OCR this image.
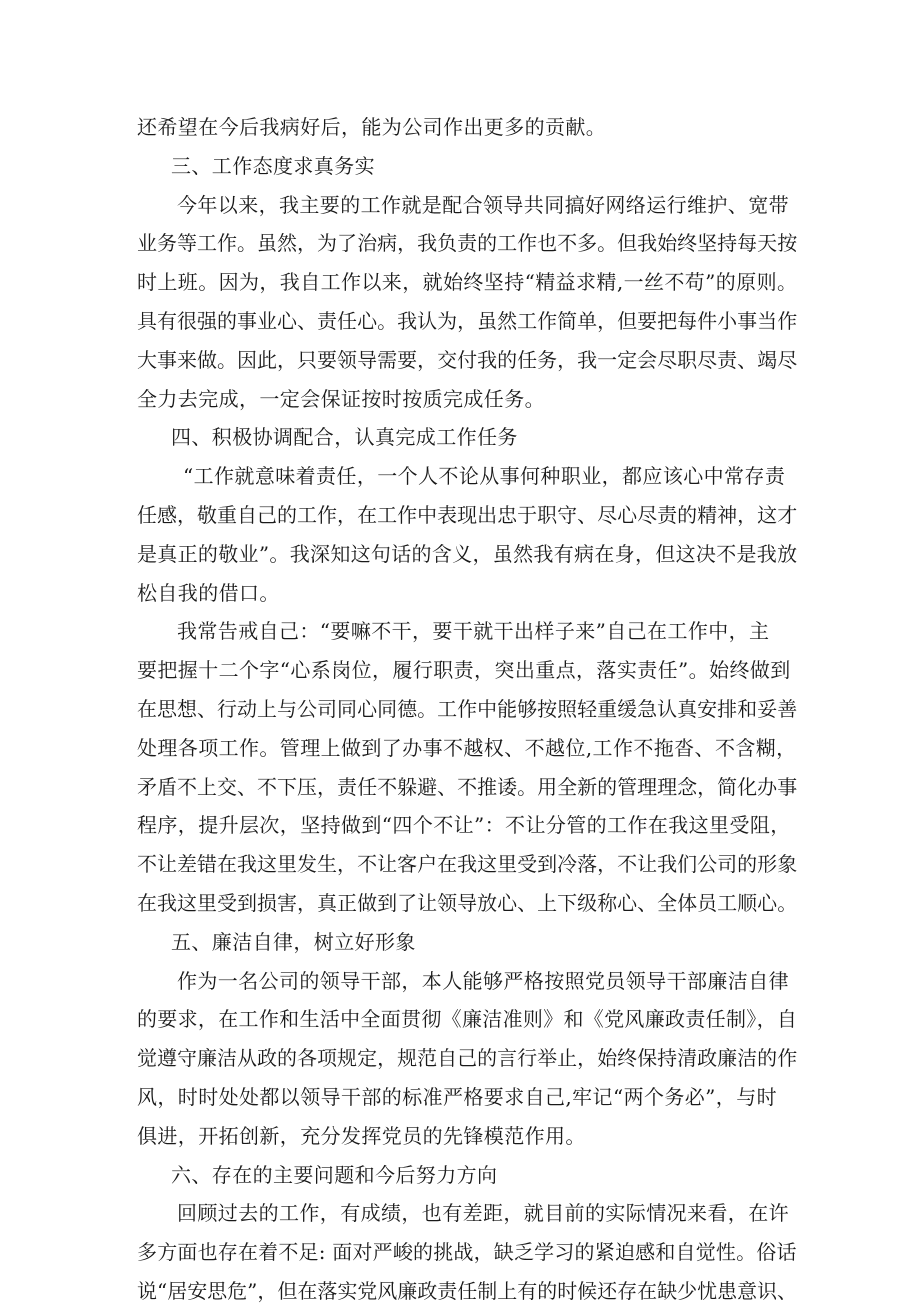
还希望在今后我病好后，能为公司作出更多的贡献。
三、工作态度求真务实
今年以来，我主要的工作就是配合领导共同搞好网络运行维护、宽带
业务等工作。虽然，为了治病，我负责的工作也不多。但我始终坚持每天按
时上班。因为，我自工作以来，就始终坚持“精益求精,一丝不苟”的原则。
具有很强的事业心、责任心。我认为，虽然工作简单，但要把每件小事当作
大事来做。因此，只要领导需要，交付我的任务，我一定会尽职尽责、竭尽
全力去完成，一定会保证按时按质完成任务。
四、积极协调配合，认真完成工作任务
“工作就意味着责任，一个人不论从事何种职业，都应该心中常存责
任感，敬重自己的工作，在工作中表现出忠于职守、尽心尽责的精神，这才
是真正的敬业”。我深知这句话的含义，虽然我有病在身，但这决不是我放
松自我的借口。
我常告戒自己：“要嘛不干，要干就干出样子来”自己在工作中，主
要把握十二个字“心系岗位，履行职责，突出重点，落实责任”。始终做到
在思想、行动上与公司同心同德。工作中能够按照轻重缓急认真安排和妥善
处理各项工作。管理上做到了办事不越权、不越位,工作不拖沓、不含糊，
矛盾不上交、不下压，责任不躲避、不推诿。用全新的管理理念，简化办事
程序，提升层次，坚持做到“四个不让”：不让分管的工作在我这里受阻，
不让差错在我这里发生，不让客户在我这里受到冷落，不让我们公司的形象
在我这里受到损害，真正做到了让领导放心、上下级称心、全体员工顺心。
五、廉洁自律，树立好形象
作为一名公司的领导干部，本人能够严格按照党员领导干部廉洁自律
的要求，在工作和生活中全面贯彻《廉洁准则》和《党风廉政责任制》，自
觉遵守廉洁从政的各项规定，规范自己的言行举止，始终保持清政廉洁的作
风，时时处处都以领导干部的标准严格要求自己,牢记“两个务必”，与时
俱进，开拓创新，充分发挥党员的先锋模范作用。
六、存在的主要问题和今后努力方向
回顾过去的工作，有成绩，也有差距，就目前的实际情况来看，在许
多方面也存在着不足: 面对严峻的挑战，缺乏学习的紧迫感和自觉性。俗话
说“居安思危”，但在落实党风廉政责任制上有的时候还存在缺少忧患意识、
